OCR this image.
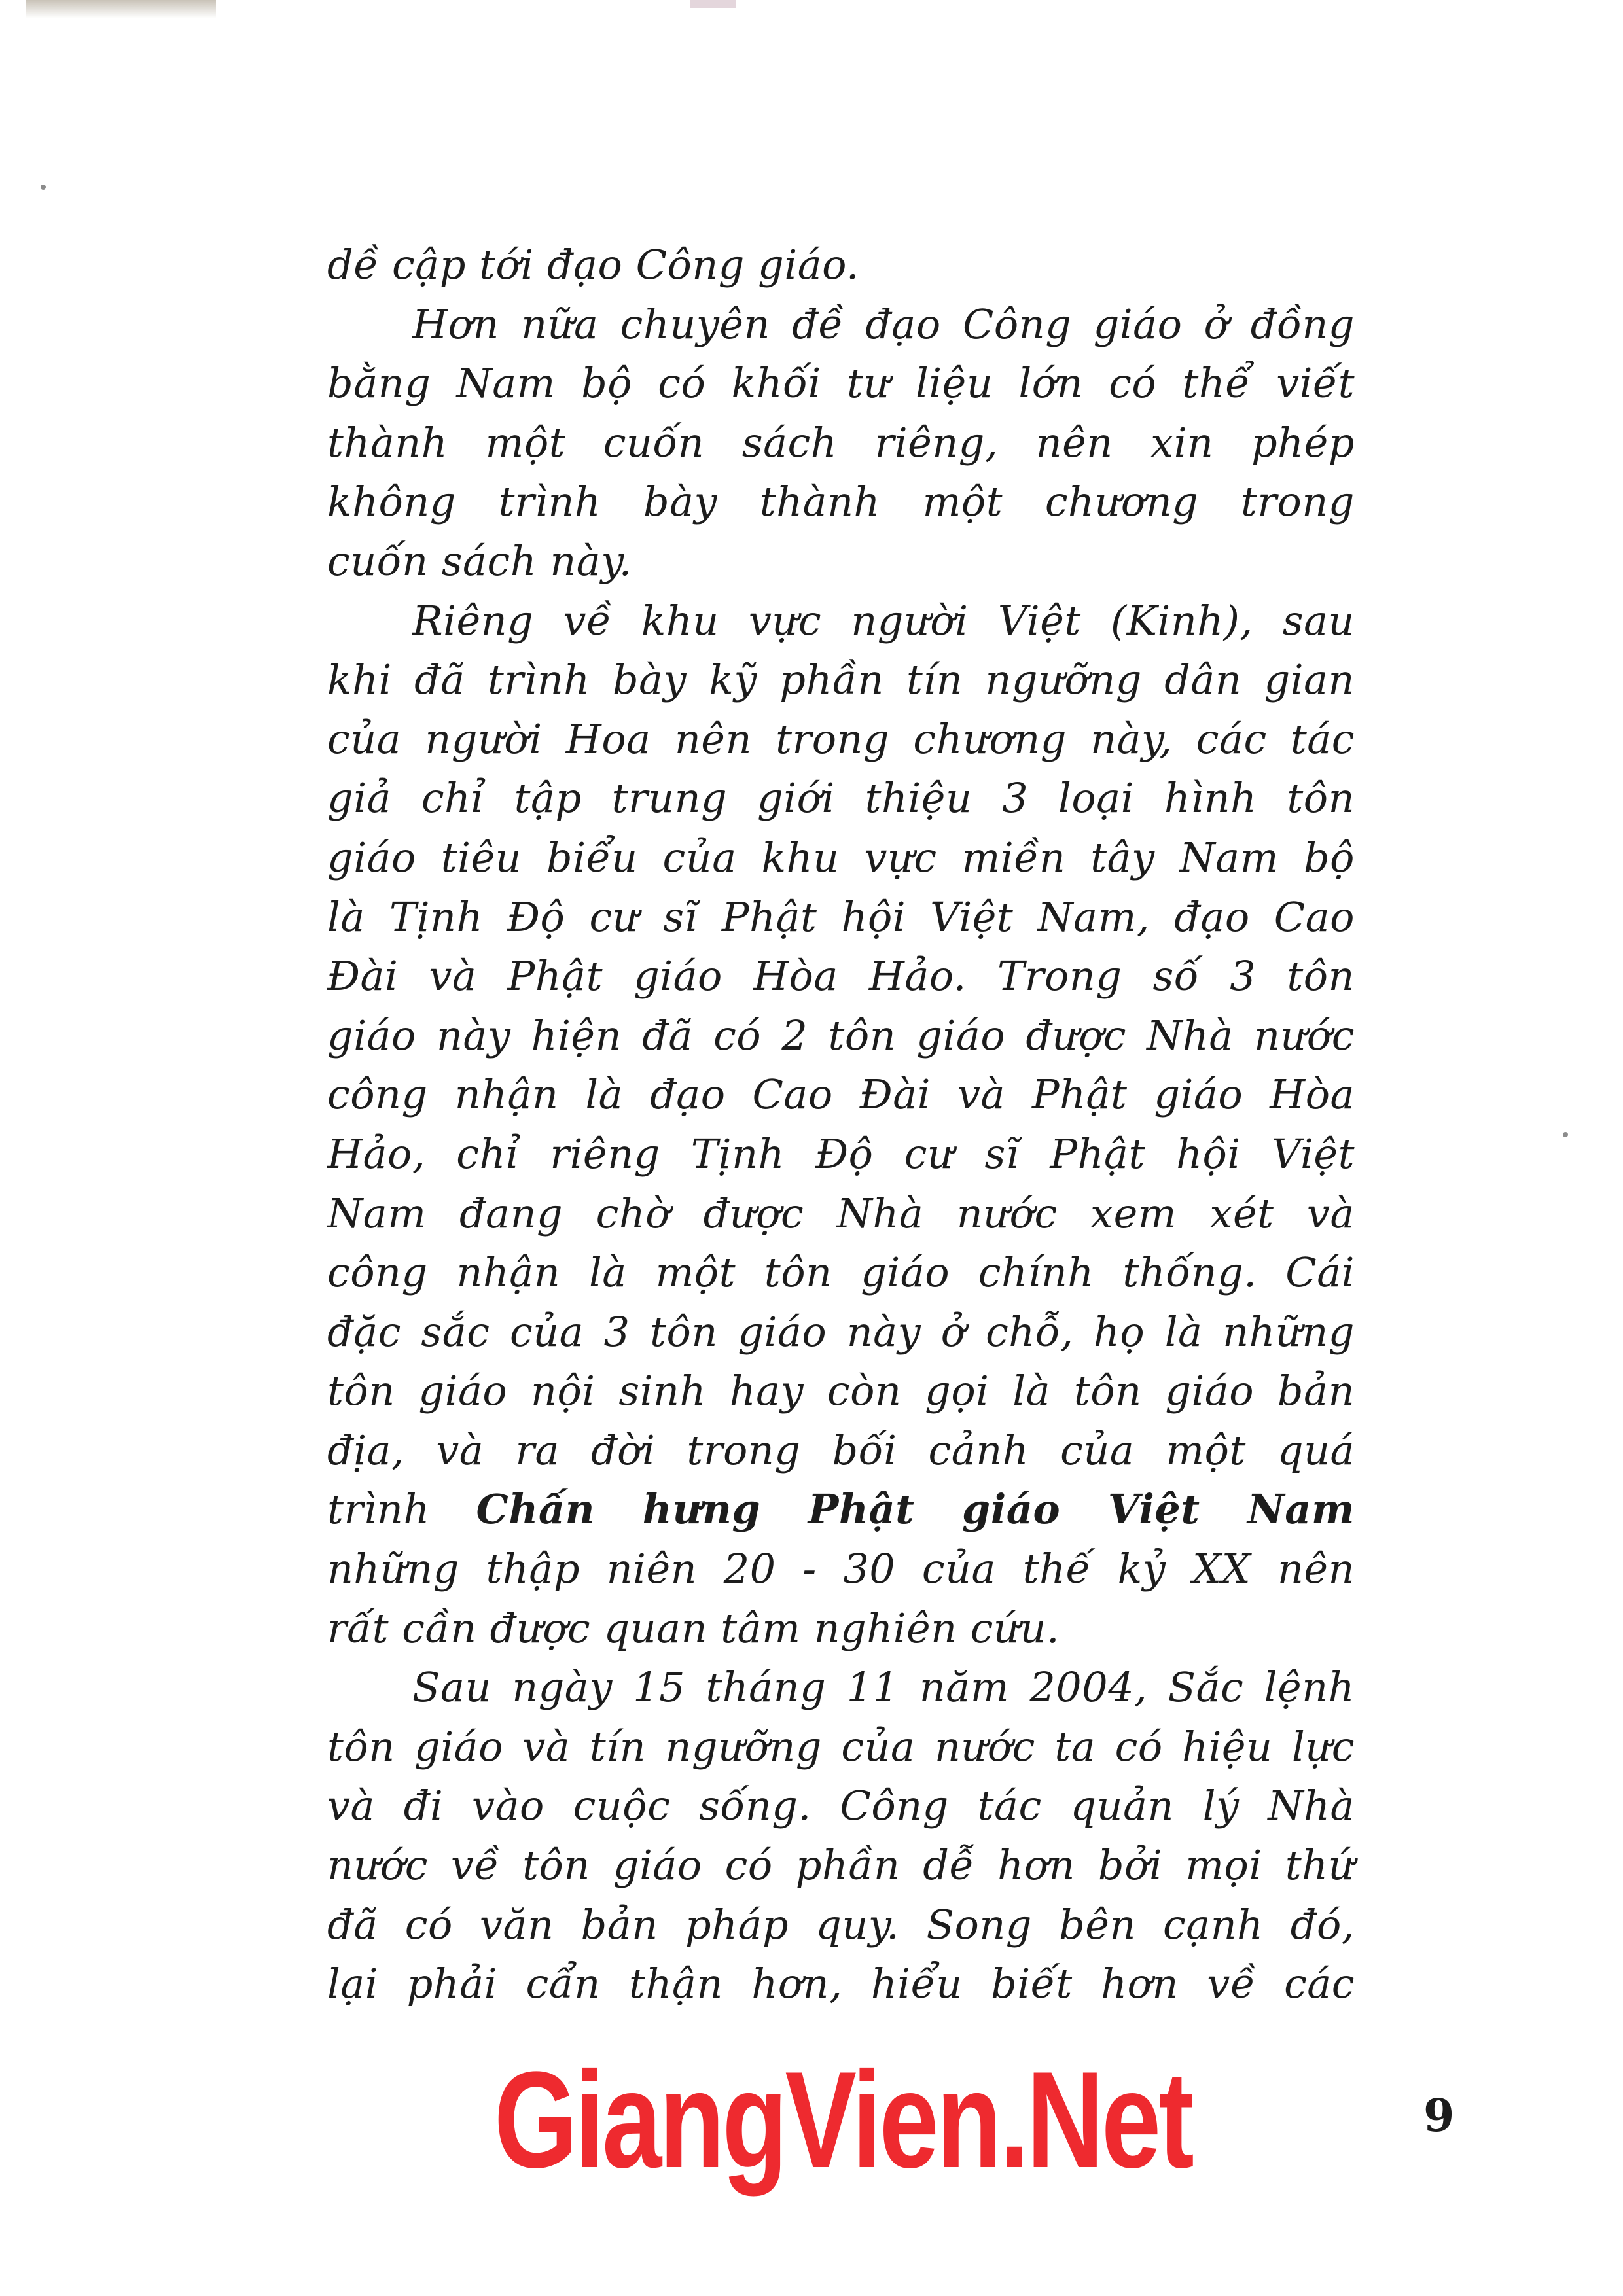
dề cập tới đạo Công giáo.
Hơn nữa chuyên đề đạo Công giáo ở đồng
bằng Nam bộ có khối tư liệu lớn có thể viết
thành một cuốn sách riêng, nên xin phép
không trình bày thành một chương trong
cuốn sách này.
Riêng về khu vực người Việt (Kinh), sau
khi đã trình bày kỹ phần tín ngưỡng dân gian
của người Hoa nên trong chương này, các tác
giả chỉ tập trung giới thiệu 3 loại hình tôn
giáo tiêu biểu của khu vực miền tây Nam bộ
là Tịnh Độ cư sĩ Phật hội Việt Nam, đạo Cao
Đài và Phật giáo Hòa Hảo. Trong số 3 tôn
giáo này hiện đã có 2 tôn giáo được Nhà nước
công nhận là đạo Cao Đài và Phật giáo Hòa
Hảo, chỉ riêng Tịnh Độ cư sĩ Phật hội Việt
Nam đang chờ được Nhà nước xem xét và
công nhận là một tôn giáo chính thống. Cái
đặc sắc của 3 tôn giáo này ở chỗ, họ là những
tôn giáo nội sinh hay còn gọi là tôn giáo bản
địa, và ra đời trong bối cảnh của một quá
trình Chấn hưng Phật giáo Việt Nam
những thập niên 20 - 30 của thế kỷ XX nên
rất cần được quan tâm nghiên cứu.
Sau ngày 15 tháng 11 năm 2004, Sắc lệnh
tôn giáo và tín ngưỡng của nước ta có hiệu lực
và đi vào cuộc sống. Công tác quản lý Nhà
nước về tôn giáo có phần dễ hơn bởi mọi thứ
đã có văn bản pháp quy. Song bên cạnh đó,
lại phải cẩn thận hơn, hiểu biết hơn về các
GiangVien.Net	9
